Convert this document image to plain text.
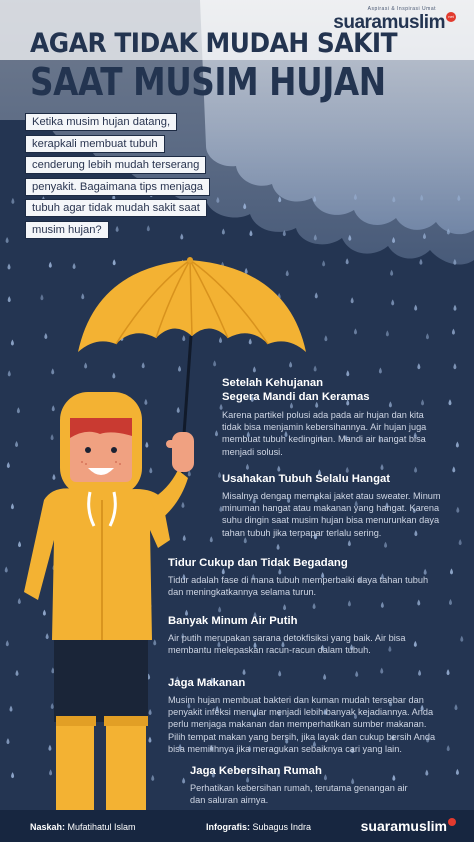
Aspirasi & Inspirasi Umat
suaramuslim net
AGAR TIDAK MUDAH SAKIT
SAAT MUSIM HUJAN
Ketika musim hujan datang,
kerapkali membuat tubuh
cenderung lebih mudah terserang
penyakit. Bagaimana tips menjaga
tubuh agar tidak mudah sakit saat
musim hujan?
Setelah Kehujanan
Segera Mandi dan Keramas
Karena partikel polusi ada pada air hujan dan kita
tidak bisa menjamin kebersihannya. Air hujan juga
membuat tubuh kedinginan. Mandi air hangat bisa
menjadi solusi.
Usahakan Tubuh Selalu Hangat
Misalnya dengan memakai jaket atau sweater. Minum
minuman hangat atau makanan yang hangat. Karena
suhu dingin saat musim hujan bisa menurunkan daya
tahan tubuh jika terpapar terlalu sering.
Tidur Cukup dan Tidak Begadang
Tidur adalah fase di mana tubuh memperbaiki daya tahan tubuh
dan meningkatkannya selama turun.
Banyak Minum Air Putih
Air putih merupakan sarana detokfisiksi yang baik. Air bisa
membantu melepaskan racun-racun dalam tubuh.
Jaga Makanan
Musim hujan membuat bakteri dan kuman mudah tersebar dan
penyakit infeksi menular menjadi lebih banyak kejadiannya. Anda
perlu menjaga makanan dan memperhatikan sumber makanan.
Pilih tempat makan yang bersih, jika layak dan cukup bersih Anda
bisa memilihnya jika meragukan sebaiknya cari yang lain.
Jaga Kebersihan Rumah
Perhatikan kebersihan rumah, terutama genangan air
dan saluran airnya.
Naskah: Mufatihatul Islam	Infografis: Subagus Indra	suaramuslim
